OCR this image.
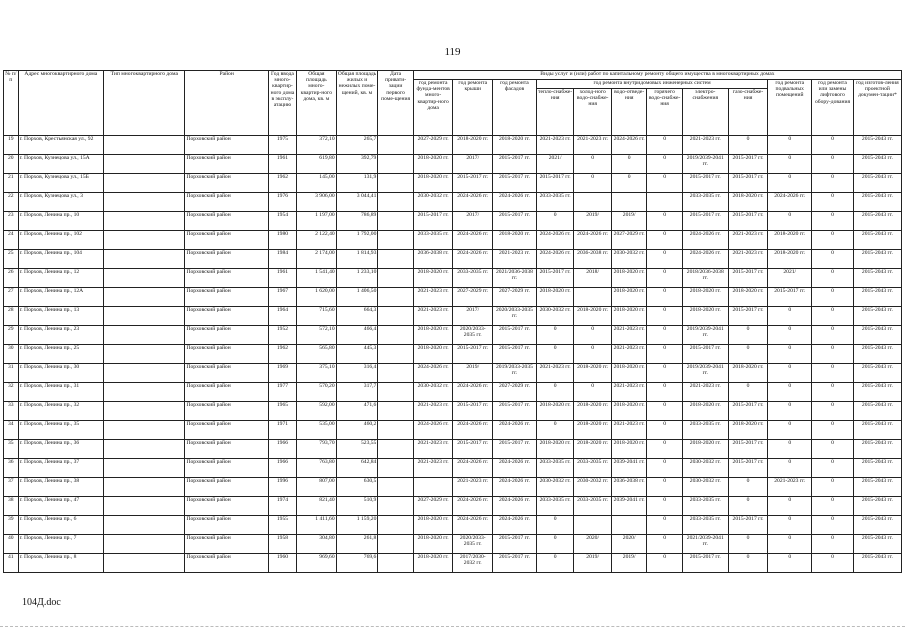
119
№ п/п	Адрес многоквартирного дома	Тип многоквартирного дома	Район	Год ввода много-квартир-ного дома в эксплу-атацию	Общая площадь много-квартир-ного дома, кв. м	Общая площадь жилых и нежилых поме-щений, кв. м	Дата привати-зации первого поме-щения	Виды услуг и (или) работ по капитальному ремонту общего имущества в многоквартирных домах											
								год ремонта фунда-ментов много-квартир-ного дома	год ремонта крыши	год ремонта фасадов	год ремонта внутридомовых инженерных систем						год ремонта подвальных помещений	год ремонта или замены лифтового обору-дования	год изготов-ления проектной докумен-тации*
											тепло-снабже-ния	холод-ного водо-снабже-ния	водо-отведе-ния	горячего водо-снабже-ния	электро-снабжения	газо-снабже-ния			
19	г. Порхов, Крестьянская ул., 92		Порховский район	1975	372,10	265,7		2027-2029 гг.	2018-2020 гг.	2018-2020 гг.	2021-2023 гг.	2021-2023 гг.	2024-2026 гг.	0	2021-2023 гг.	0	0	0	2015-2043 гг.
20	г. Порхов, Кузнецова ул., 15А		Порховский район	1961	619,80	392,79		2018-2020 гг.	2017/	2015-2017 гг.	2021/	0	0	0	2019/2039-2041 гг.	2015-2017 гг.	0	0	2015-2043 гг.
21	г. Порхов, Кузнецова ул., 15Б		Порховский район	1962	145,00	131,9		2018-2020 гг.	2015-2017 гг.	2015-2017 гг.	2015-2017 гг.	0	0	0	2015-2017 гг.	2015-2017 гг.	0	0	2015-2043 гг.
22	г. Порхов, Кузнецова ул., 3		Порховский район	1976	3 906,00	3 044,41		2030-2032 гг.	2024-2026 гг.	2024-2026 гг.	2033-2035 гг.				2033-2035 гг.	2018-2020 гг.	2024-2026 гг.	0	2015-2043 гг.
23	г. Порхов, Ленина пр., 10		Порховский район	1954	1 197,00	786,89		2015-2017 гг.	2017/	2015-2017 гг.	0	2019/	2019/	0	2015-2017 гг.	2015-2017 гг.	0	0	2015-2043 гг.
24	г. Порхов, Ленина пр., 102		Порховский район	1980	2 122,40	1 792,00		2033-2035 гг.	2024-2026 гг.	2018-2020 гг.	2024-2026 гг.	2024-2026 гг.	2027-2029 гг.	0	2024-2026 гг.	2021-2023 гг.	2018-2020 гг.	0	2015-2043 гг.
25	г. Порхов, Ленина пр., 104		Порховский район	1984	2 174,00	1 814,93		2036-2038 гг.	2024-2026 гг.	2021-2023 гг.	2024-2026 гг.	2036-2038 гг.	2030-2032 гг.	0	2024-2026 гг.	2021-2023 гг.	2018-2020 гг.	0	2015-2043 гг.
26	г. Порхов, Ленина пр., 12		Порховский район	1961	1 541,40	1 233,10		2018-2020 гг.	2033-2035 гг.	2021/2036-2038 гг.	2015-2017 гг.	2018/	2018-2020 гг.	0	2018/2036-2038 гг.	2015-2017 гг.	2021/	0	2015-2043 гг.
27	г. Порхов, Ленина пр., 12А		Порховский район	1967	1 620,00	1 406,50		2021-2023 гг.	2027-2029 гг.	2027-2029 гг.	2018-2020 гг.		2018-2020 гг.	0	2018-2020 гг.	2018-2020 гг.	2015-2017 гг.	0	2015-2043 гг.
28	г. Порхов, Ленина пр., 13		Порховский район	1964	715,60	664,3		2021-2023 гг.	2017/	2020/2033-2035 гг.	2030-2032 гг.	2018-2020 гг.	2018-2020 гг.	0	2018-2020 гг.	2015-2017 гг.	0	0	2015-2043 гг.
29	г. Порхов, Ленина пр., 23		Порховский район	1952	572,10	466,4		2018-2020 гг.	2020/2033-2035 гг.	2015-2017 гг.	0	0	2021-2023 гг.	0	2019/2039-2041 гг.	0	0	0	2015-2043 гг.
30	г. Порхов, Ленина пр., 25		Порховский район	1962	565,80	445,3		2018-2020 гг.	2015-2017 гг.	2015-2017 гг.	0	0	2021-2023 гг.	0	2015-2017 гг.	0	0	0	2015-2043 гг.
31	г. Порхов, Ленина пр., 30		Порховский район	1969	375,10	316,4		2024-2026 гг.	2019/	2019/2033-2035 гг.	2021-2023 гг.	2018-2020 гг.	2018-2020 гг.	0	2019/2039-2041 гг.	2018-2020 гг.	0	0	2015-2043 гг.
32	г. Порхов, Ленина пр., 31		Порховский район	1977	570,20	317,7		2030-2032 гг.	2024-2026 гг.	2027-2029 гг.	0	0	2021-2023 гг.	0	2021-2023 гг.	0	0	0	2015-2043 гг.
33	г. Порхов, Ленина пр., 32		Порховский район	1965	592,00	471,6		2021-2023 гг.	2015-2017 гг.	2015-2017 гг.	2018-2020 гг.	2018-2020 гг.	2018-2020 гг.	0	2018-2020 гг.	2015-2017 гг.	0	0	2015-2043 гг.
34	г. Порхов, Ленина пр., 35		Порховский район	1971	535,00	460,2		2024-2026 гг.	2024-2026 гг.	2024-2026 гг.	0	2018-2020 гг.	2021-2023 гг.	0	2033-2035 гг.	2018-2020 гг.	0	0	2015-2043 гг.
35	г. Порхов, Ленина пр., 36		Порховский район	1966	793,70	523,55		2021-2023 гг.	2015-2017 гг.	2015-2017 гг.	2018-2020 гг.	2018-2020 гг.	2018-2020 гг.	0	2018-2020 гг.	2015-2017 гг.	0	0	2015-2043 гг.
36	г. Порхов, Ленина пр., 37		Порховский район	1966	763,80	642,84		2021-2023 гг.	2024-2026 гг.	2024-2026 гг.	2033-2035 гг.	2033-2035 гг.	2039-2041 гг.	0	2030-2032 гг.	2015-2017 гг.	0	0	2015-2043 гг.
37	г. Порхов, Ленина пр., 38		Порховский район	1996	807,00	630,5			2021-2023 гг.	2024-2026 гг.	2030-2032 гг.	2030-2032 гг.	2036-2038 гг.	0	2030-2032 гг.	0	2021-2023 гг.	0	2015-2043 гг.
38	г. Порхов, Ленина пр., 47		Порховский район	1974	821,40	510,9		2027-2029 гг.	2024-2026 гг.	2024-2026 гг.	2033-2035 гг.	2033-2035 гг.	2039-2041 гг.	0	2033-2035 гг.	0	0	0	2015-2043 гг.
39	г. Порхов, Ленина пр., 6		Порховский район	1955	1 411,60	1 159,20		2018-2020 гг.	2024-2026 гг.	2024-2026 гг.	0			0	2033-2035 гг.	2015-2017 гг.	0	0	2015-2043 гг.
40	г. Порхов, Ленина пр., 7		Порховский район	1958	304,80	261,8		2018-2020 гг.	2020/2033-2035 гг.	2015-2017 гг.	0	2020/	2020/	0	2021/2039-2041 гг.	0	0	0	2015-2043 гг.
41	г. Порхов, Ленина пр., 8		Порховский район	1960	969,60	769,6		2018-2020 гг.	2017/2030-2032 гг.	2015-2017 гг.	0	2019/	2019/	0	2015-2017 гг.	0	0	0	2015-2043 гг.
104Д.doc
